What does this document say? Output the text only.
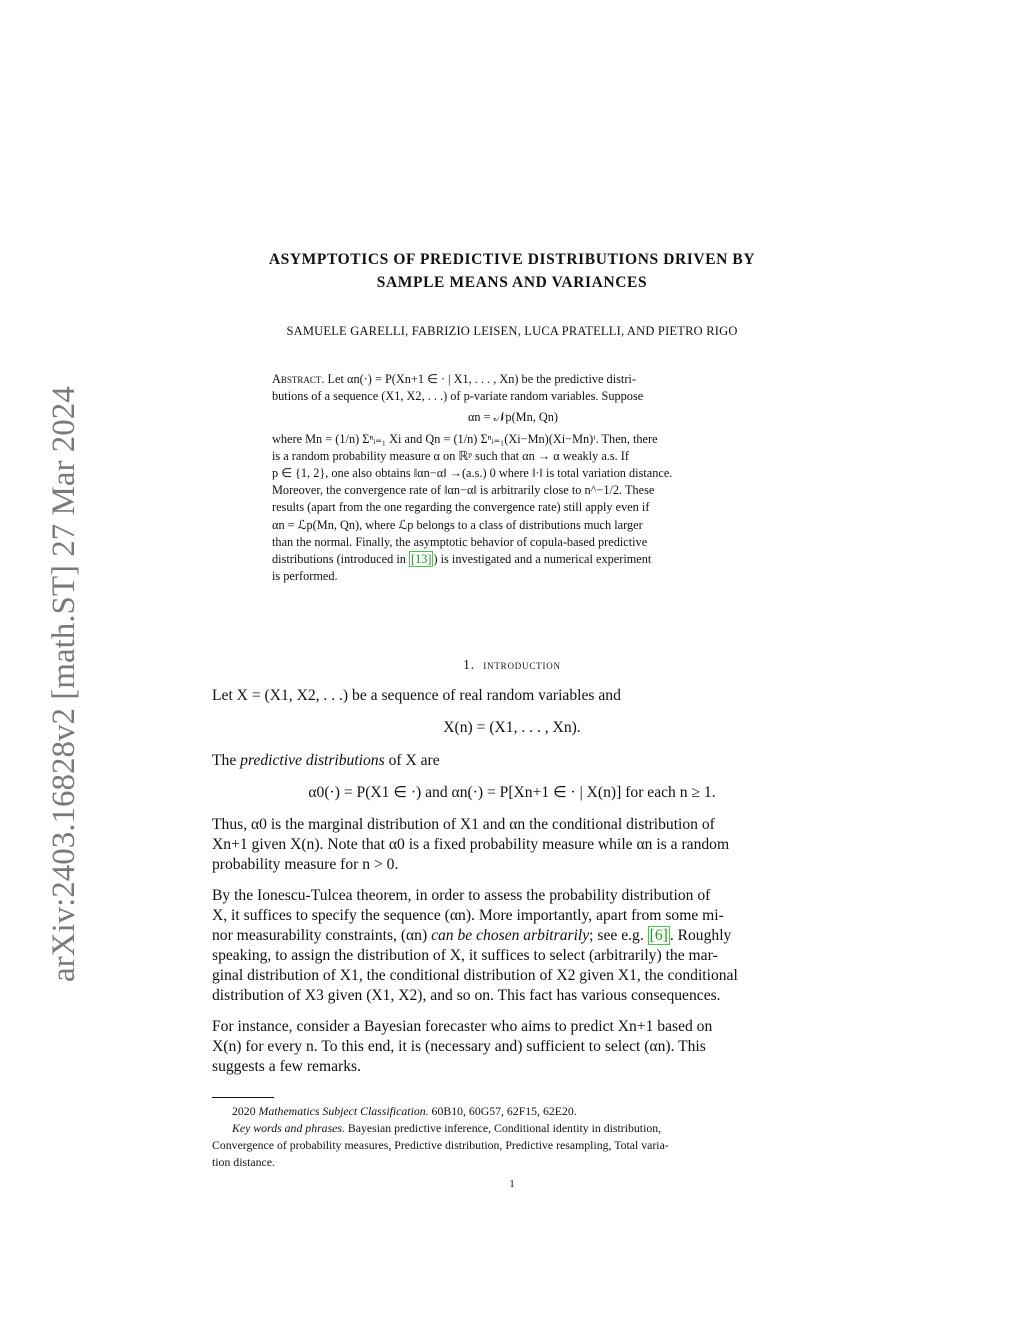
arXiv:2403.16828v2 [math.ST] 27 Mar 2024
ASYMPTOTICS OF PREDICTIVE DISTRIBUTIONS DRIVEN BY
SAMPLE MEANS AND VARIANCES
SAMUELE GARELLI, FABRIZIO LEISEN, LUCA PRATELLI, AND PIETRO RIGO
Abstract. Let αn(·) = P(Xn+1 ∈ · | X1, . . . , Xn) be the predictive distri-
butions of a sequence (X1, X2, . . .) of p-variate random variables. Suppose
αn = 𝒩p(Mn, Qn)
where Mn = (1/n) Σⁿᵢ₌₁ Xi and Qn = (1/n) Σⁿᵢ₌₁(Xi−Mn)(Xi−Mn)ᵗ. Then, there
is a random probability measure α on ℝᵖ such that αn → α weakly a.s. If
p ∈ {1, 2}, one also obtains ‖αn−α‖ →(a.s.) 0 where ‖·‖ is total variation distance.
Moreover, the convergence rate of ‖αn−α‖ is arbitrarily close to n^−1/2. These
results (apart from the one regarding the convergence rate) still apply even if
αn = ℒp(Mn, Qn), where ℒp belongs to a class of distributions much larger
than the normal. Finally, the asymptotic behavior of copula-based predictive
distributions (introduced in [13] ) is investigated and a numerical experiment
is performed.
1. introduction
Let X = (X1, X2, . . .) be a sequence of real random variables and
X(n) = (X1, . . . , Xn).
The predictive distributions of X are
α0(·) = P(X1 ∈ ·) and αn(·) = P[Xn+1 ∈ · | X(n)] for each n ≥ 1.
Thus, α0 is the marginal distribution of X1 and αn the conditional distribution of
Xn+1 given X(n). Note that α0 is a fixed probability measure while αn is a random
probability measure for n > 0.
By the Ionescu-Tulcea theorem, in order to assess the probability distribution of
X, it suffices to specify the sequence (αn). More importantly, apart from some mi-
nor measurability constraints, (αn) can be chosen arbitrarily; see e.g. [6] . Roughly
speaking, to assign the distribution of X, it suffices to select (arbitrarily) the mar-
ginal distribution of X1, the conditional distribution of X2 given X1, the conditional
distribution of X3 given (X1, X2), and so on. This fact has various consequences.
For instance, consider a Bayesian forecaster who aims to predict Xn+1 based on
X(n) for every n. To this end, it is (necessary and) sufficient to select (αn). This
suggests a few remarks.
2020 Mathematics Subject Classification. 60B10, 60G57, 62F15, 62E20.
Key words and phrases. Bayesian predictive inference, Conditional identity in distribution,
Convergence of probability measures, Predictive distribution, Predictive resampling, Total varia-
tion distance.
1
